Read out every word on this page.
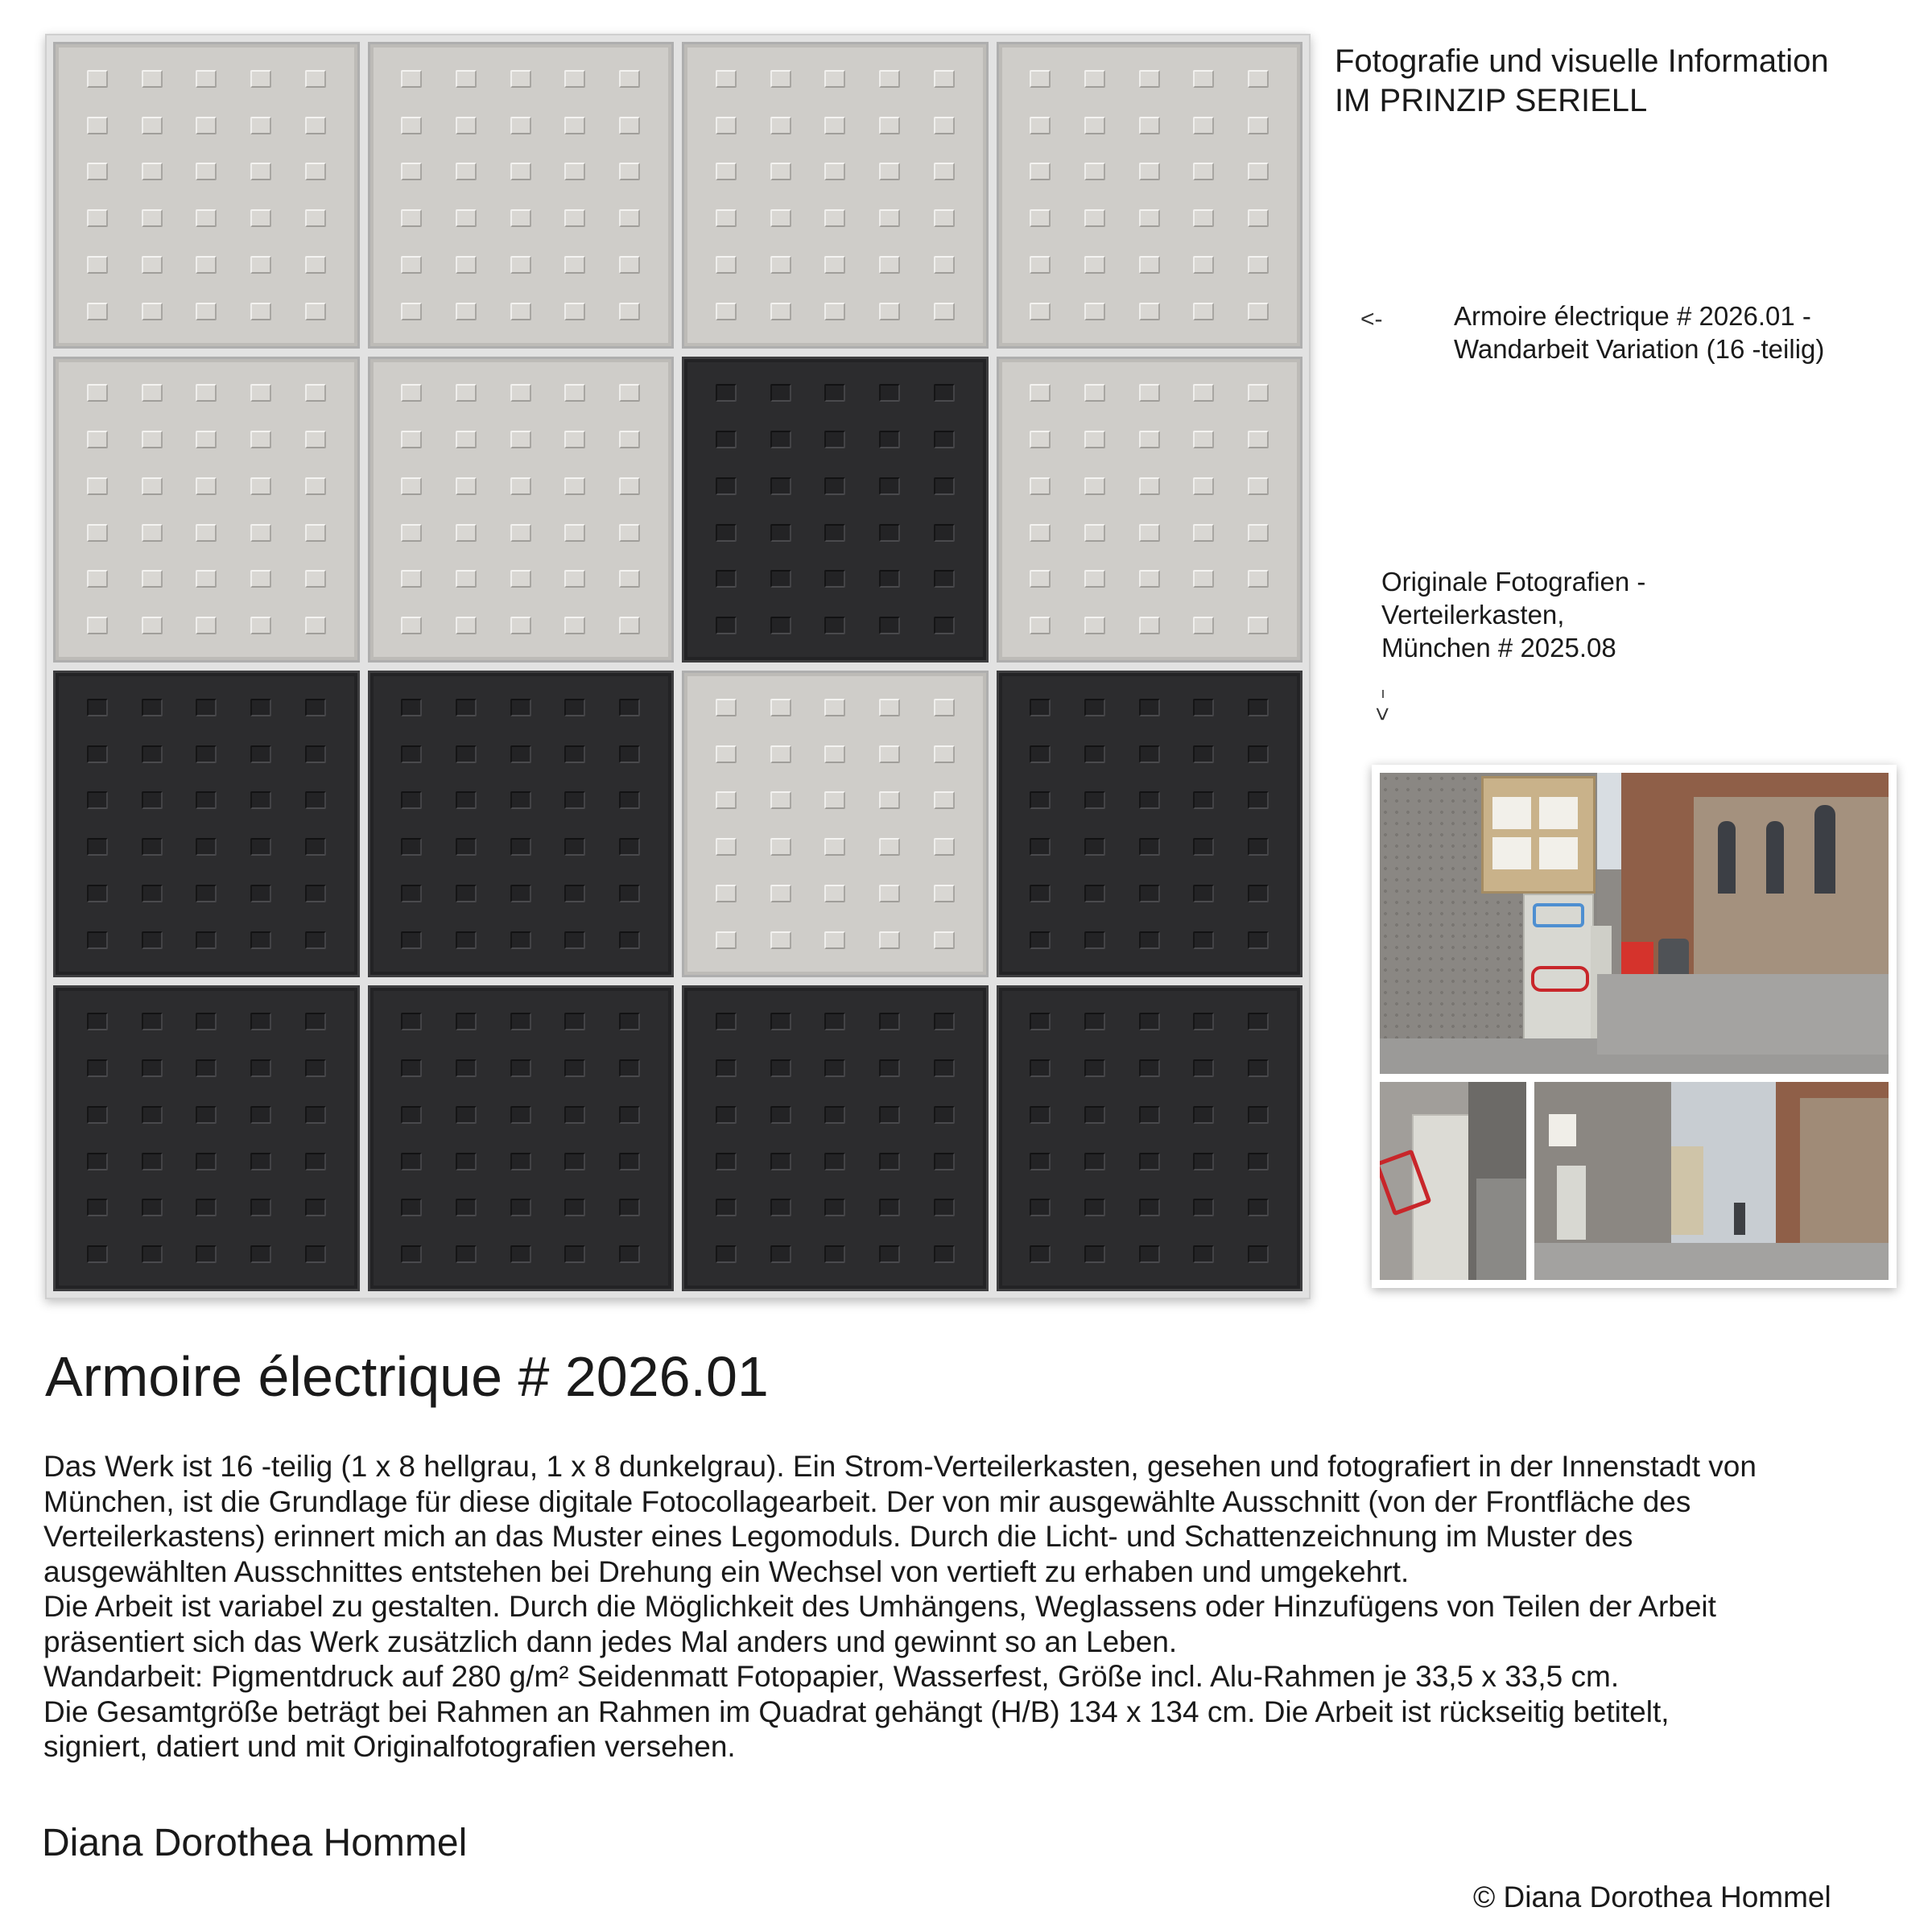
Fotografie und visuelle Information
IM PRINZIP SERIELL
<-
ı
<
Armoire électrique # 2026.01 -
Wandarbeit Variation (16 -teilig)
Originale Fotografien -
Verteilerkasten,
München # 2025.08
Armoire électrique # 2026.01

Das Werk ist 16 -teilig (1 x 8 hellgrau, 1 x 8 dunkelgrau). Ein Strom-Verteilerkasten, gesehen und fotografiert in der Innenstadt von

München, ist die Grundlage für diese digitale Fotocollagearbeit. Der von mir ausgewählte Ausschnitt (von der Frontfläche des

Verteilerkastens) erinnert mich an das Muster eines Legomoduls. Durch die Licht- und Schattenzeichnung im Muster des

ausgewählten Ausschnittes entstehen bei Drehung ein Wechsel von vertieft zu erhaben und umgekehrt.

Die Arbeit ist variabel zu gestalten. Durch die Möglichkeit des Umhängens, Weglassens oder Hinzufügens von Teilen der Arbeit

präsentiert sich das Werk zusätzlich dann jedes Mal anders und gewinnt so an Leben.

Wandarbeit: Pigmentdruck auf 280 g/m² Seidenmatt Fotopapier, Wasserfest, Größe incl. Alu-Rahmen je 33,5 x 33,5 cm.

Die Gesamtgröße beträgt bei Rahmen an Rahmen im Quadrat gehängt (H/B) 134 x 134 cm. Die Arbeit ist rückseitig betitelt,

signiert, datiert und mit Originalfotografien versehen.

Diana Dorothea Hommel
© Diana Dorothea Hommel
